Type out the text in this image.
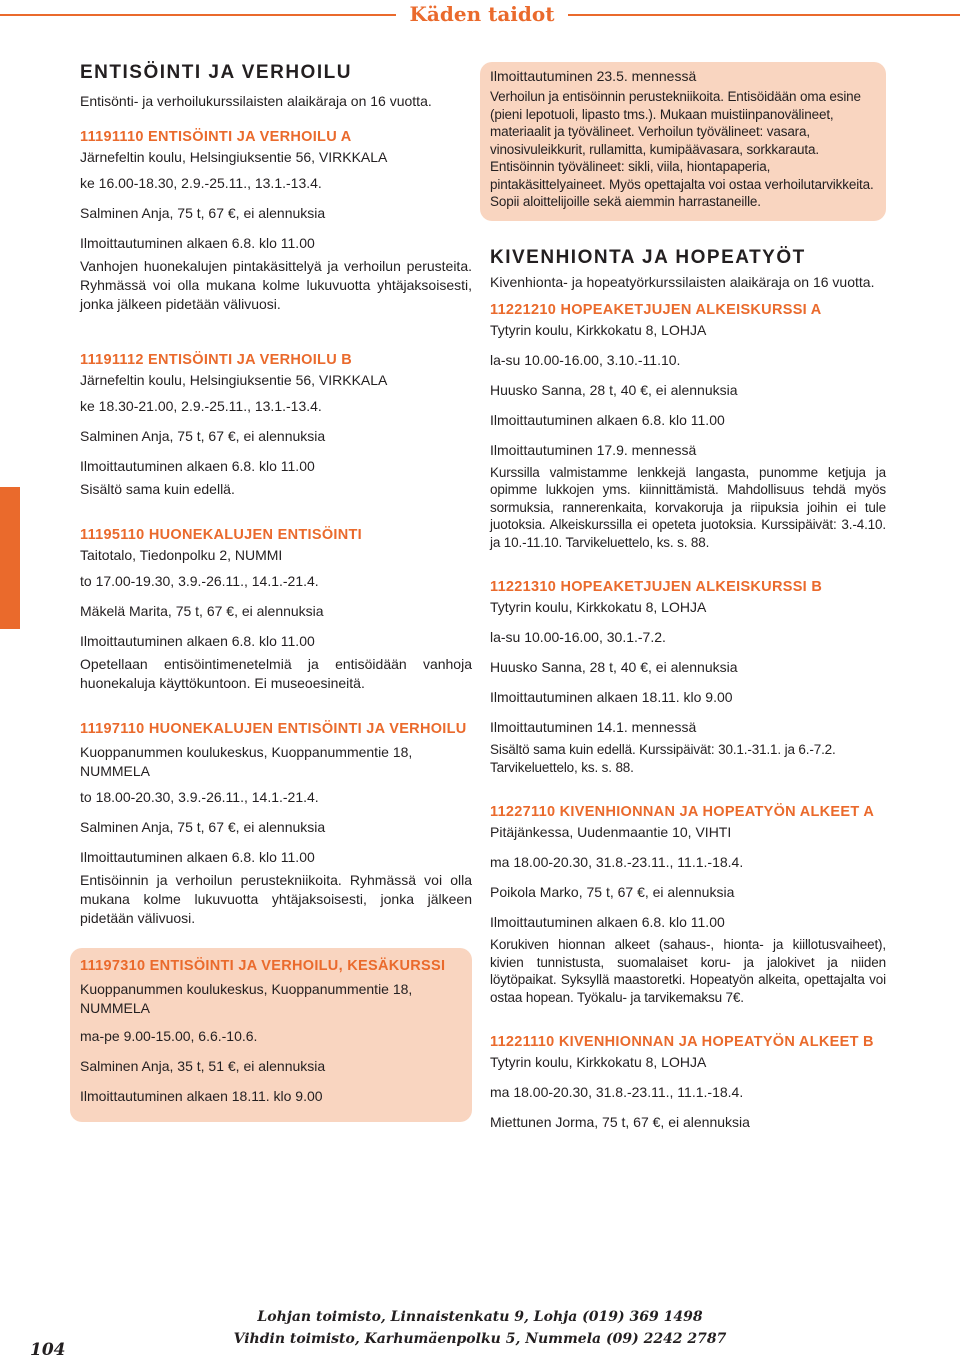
Käden taidot
ENTISÖINTI JA VERHOILU

Entisönti- ja verhoilukurssilaisten alaikäraja on 16 vuotta.

11191110 ENTISÖINTI JA VERHOILU A

Järnefeltin koulu, Helsingiuksentie 56, VIRKKALA

ke 16.00-18.30, 2.9.-25.11., 13.1.-13.4.

Salminen Anja, 75 t, 67 €, ei alennuksia

Ilmoittautuminen alkaen 6.8. klo 11.00

Vanhojen huonekalujen pintakäsittelyä ja verhoilun perusteita. Ryhmässä voi olla mukana kolme lukuvuotta yhtäjaksoisesti, jonka jälkeen pidetään välivuosi.

11191112 ENTISÖINTI JA VERHOILU B

Järnefeltin koulu, Helsingiuksentie 56, VIRKKALA

ke 18.30-21.00, 2.9.-25.11., 13.1.-13.4.

Salminen Anja, 75 t, 67 €, ei alennuksia

Ilmoittautuminen alkaen 6.8. klo 11.00

Sisältö sama kuin edellä.

11195110 HUONEKALUJEN ENTISÖINTI

Taitotalo, Tiedonpolku 2, NUMMI

to 17.00-19.30, 3.9.-26.11., 14.1.-21.4.

Mäkelä Marita, 75 t, 67 €, ei alennuksia

Ilmoittautuminen alkaen 6.8. klo 11.00

Opetellaan entisöintimenetelmiä ja entisöidään vanhoja huonekaluja käyttökuntoon. Ei museoesineitä.

11197110 HUONEKALUJEN ENTISÖINTI JA VERHOILU

Kuoppanummen koulukeskus, Kuoppanummentie 18, NUMMELA

to 18.00-20.30, 3.9.-26.11., 14.1.-21.4.

Salminen Anja, 75 t, 67 €, ei alennuksia

Ilmoittautuminen alkaen 6.8. klo 11.00

Entisöinnin ja verhoilun perustekniikoita. Ryhmässä voi olla mukana kolme lukuvuotta yhtäjaksoisesti, jonka jälkeen pidetään välivuosi.

11197310 ENTISÖINTI JA VERHOILU, KESÄKURSSI

Kuoppanummen koulukeskus, Kuoppanummentie 18, NUMMELA

ma-pe 9.00-15.00, 6.6.-10.6.

Salminen Anja, 35 t, 51 €, ei alennuksia

Ilmoittautuminen alkaen 18.11. klo 9.00

Ilmoittautuminen 23.5. mennessä

Verhoilun ja entisöinnin perustekniikoita. Entisöidään oma esine (pieni lepotuoli, lipasto tms.). Mukaan muistiinpanovälineet, materiaalit ja työvälineet. Verhoilun työvälineet: vasara, vinosivuleikkurit, rullamitta, kumipäävasara, sorkkarauta. Entisöinnin työvälineet: sikli, viila, hiontapaperia, pintakäsittelyaineet. Myös opettajalta voi ostaa verhoilutarvikkeita. Sopii aloittelijoille sekä aiemmin harrastaneille.

KIVENHIONTA JA HOPEATYÖT

Kivenhionta- ja hopeatyörkurssilaisten alaikäraja on 16 vuotta.

11221210 HOPEAKETJUJEN ALKEISKURSSI A

Tytyrin koulu, Kirkkokatu 8, LOHJA

la-su 10.00-16.00, 3.10.-11.10.

Huusko Sanna, 28 t, 40 €, ei alennuksia

Ilmoittautuminen alkaen 6.8. klo 11.00

Ilmoittautuminen 17.9. mennessä

Kurssilla valmistamme lenkkejä langasta, punomme ketjuja ja opimme lukkojen yms. kiinnittämistä. Mahdollisuus tehdä myös sormuksia, rannerenkaita, korvakoruja ja riipuksia joihin ei tule juotoksia. Alkeiskurssilla ei opeteta juotoksia. Kurssipäivät: 3.-4.10. ja 10.-11.10. Tarvikeluettelo, ks. s. 88.

11221310 HOPEAKETJUJEN ALKEISKURSSI B

Tytyrin koulu, Kirkkokatu 8, LOHJA

la-su 10.00-16.00, 30.1.-7.2.

Huusko Sanna, 28 t, 40 €, ei alennuksia

Ilmoittautuminen alkaen 18.11. klo 9.00

Ilmoittautuminen 14.1. mennessä

Sisältö sama kuin edellä. Kurssipäivät: 30.1.-31.1. ja 6.-7.2. Tarvikeluettelo, ks. s. 88.

11227110 KIVENHIONNAN JA HOPEATYÖN ALKEET A

Pitäjänkessa, Uudenmaantie 10, VIHTI

ma 18.00-20.30, 31.8.-23.11., 11.1.-18.4.

Poikola Marko, 75 t, 67 €, ei alennuksia

Ilmoittautuminen alkaen 6.8. klo 11.00

Korukiven hionnan alkeet (sahaus-, hionta- ja kiillotusvaiheet), kivien tunnistusta, suomalaiset koru- ja jalokivet ja niiden löytöpaikat. Syksyllä maastoretki. Hopeatyön alkeita, opettajalta voi ostaa hopean. Työkalu- ja tarvikemaksu 7€.

11221110 KIVENHIONNAN JA HOPEATYÖN ALKEET B

Tytyrin koulu, Kirkkokatu 8, LOHJA

ma 18.00-20.30, 31.8.-23.11., 11.1.-18.4.

Miettunen Jorma, 75 t, 67 €, ei alennuksia

Lohjan toimisto, Linnaistenkatu 9, Lohja (019) 369 1498
Vihdin toimisto, Karhumäenpolku 5, Nummela (09) 2242 2787
104
